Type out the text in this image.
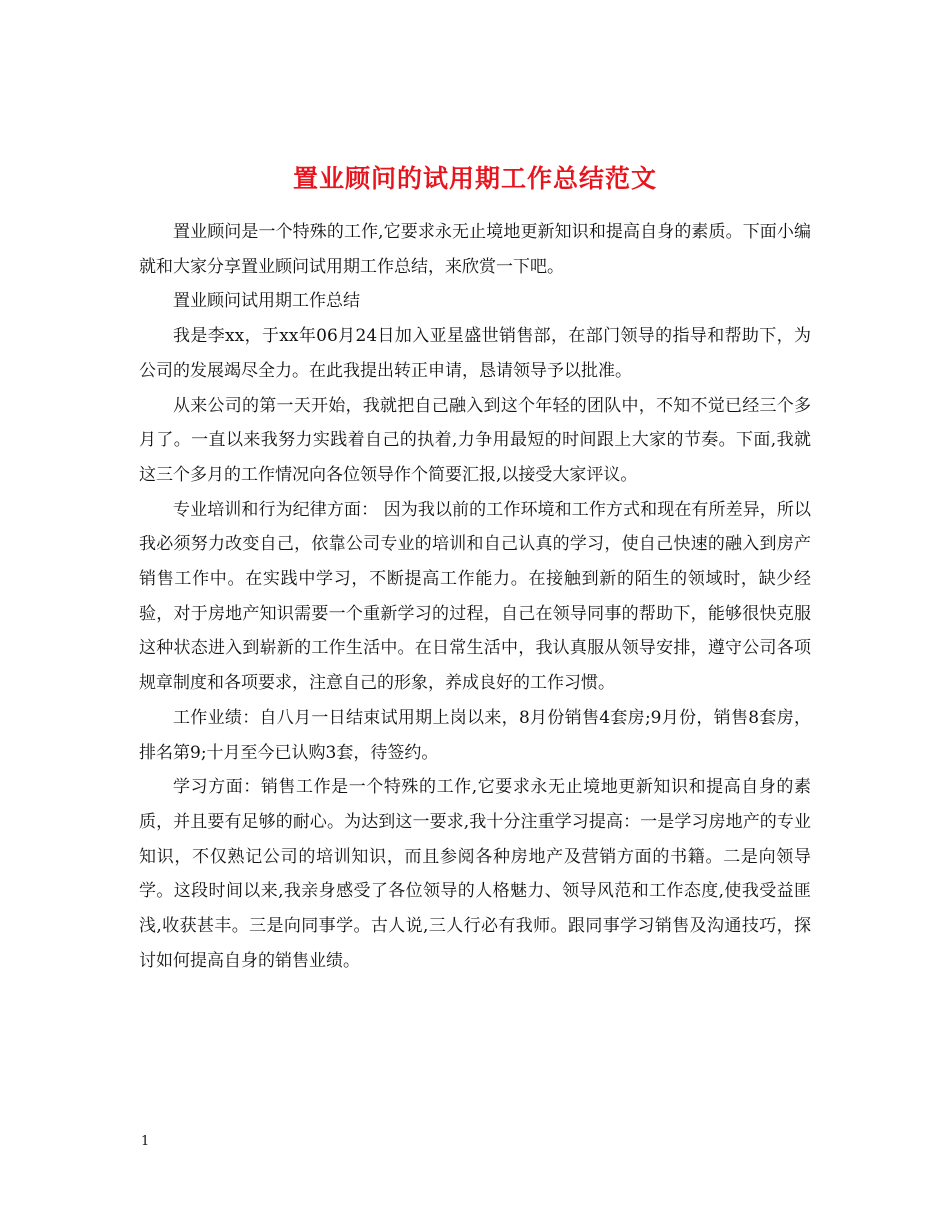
置业顾问的试用期工作总结范文

置业顾问是一个特殊的工作,它要求永无止境地更新知识和提高自身的素质。下面小编就和大家分享置业顾问试用期工作总结，来欣赏一下吧。

置业顾问试用期工作总结

我是李xx，于xx年06月24日加入亚星盛世销售部，在部门领导的指导和帮助下，为公司的发展竭尽全力。在此我提出转正申请，恳请领导予以批准。

从来公司的第一天开始，我就把自己融入到这个年轻的团队中，不知不觉已经三个多月了。一直以来我努力实践着自己的执着,力争用最短的时间跟上大家的节奏。下面,我就这三个多月的工作情况向各位领导作个简要汇报,以接受大家评议。

专业培训和行为纪律方面： 因为我以前的工作环境和工作方式和现在有所差异，所以我必须努力改变自己，依靠公司专业的培训和自己认真的学习，使自己快速的融入到房产销售工作中。在实践中学习，不断提高工作能力。在接触到新的陌生的领域时，缺少经验，对于房地产知识需要一个重新学习的过程，自己在领导同事的帮助下，能够很快克服这种状态进入到崭新的工作生活中。在日常生活中，我认真服从领导安排，遵守公司各项规章制度和各项要求，注意自己的形象，养成良好的工作习惯。

工作业绩：自八月一日结束试用期上岗以来，8月份销售4套房;9月份，销售8套房，排名第9;十月至今已认购3套，待签约。

学习方面：销售工作是一个特殊的工作,它要求永无止境地更新知识和提高自身的素质，并且要有足够的耐心。为达到这一要求,我十分注重学习提高：一是学习房地产的专业知识，不仅熟记公司的培训知识，而且参阅各种房地产及营销方面的书籍。二是向领导学。这段时间以来,我亲身感受了各位领导的人格魅力、领导风范和工作态度,使我受益匪浅,收获甚丰。三是向同事学。古人说,三人行必有我师。跟同事学习销售及沟通技巧，探讨如何提高自身的销售业绩。

1
